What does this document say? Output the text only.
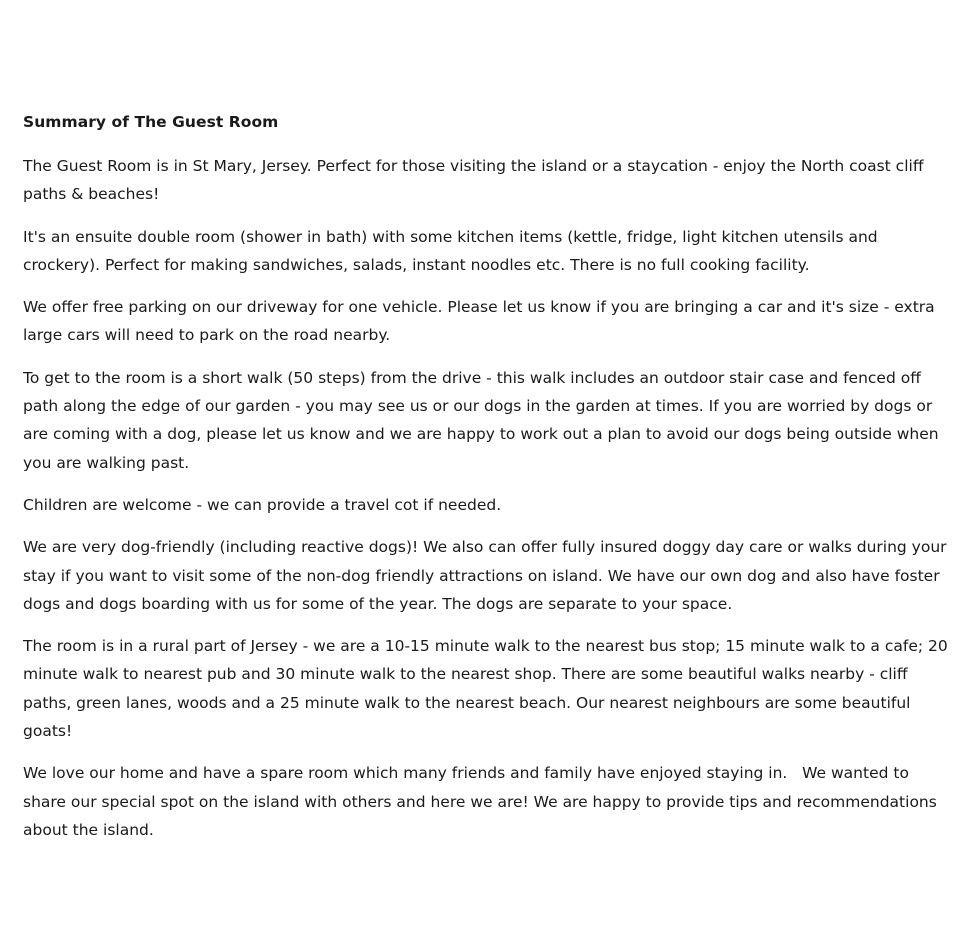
Summary of The Guest Room

The Guest Room is in St Mary, Jersey. Perfect for those visiting the island or a staycation - enjoy the North coast cliff paths & beaches!

It's an ensuite double room (shower in bath) with some kitchen items (kettle, fridge, light kitchen utensils and crockery). Perfect for making sandwiches, salads, instant noodles etc. There is no full cooking facility.

We offer free parking on our driveway for one vehicle. Please let us know if you are bringing a car and it's size - extra large cars will need to park on the road nearby.

To get to the room is a short walk (50 steps) from the drive - this walk includes an outdoor stair case and fenced off path along the edge of our garden - you may see us or our dogs in the garden at times. If you are worried by dogs or are coming with a dog, please let us know and we are happy to work out a plan to avoid our dogs being outside when you are walking past.

Children are welcome - we can provide a travel cot if needed.

We are very dog-friendly (including reactive dogs)! We also can offer fully insured doggy day care or walks during your stay if you want to visit some of the non-dog friendly attractions on island. We have our own dog and also have foster dogs and dogs boarding with us for some of the year. The dogs are separate to your space.

The room is in a rural part of Jersey - we are a 10-15 minute walk to the nearest bus stop; 15 minute walk to a cafe; 20 minute walk to nearest pub and 30 minute walk to the nearest shop. There are some beautiful walks nearby - cliff paths, green lanes, woods and a 25 minute walk to the nearest beach. Our nearest neighbours are some beautiful goats!

We love our home and have a spare room which many friends and family have enjoyed staying in.   We wanted to share our special spot on the island with others and here we are! We are happy to provide tips and recommendations about the island.
